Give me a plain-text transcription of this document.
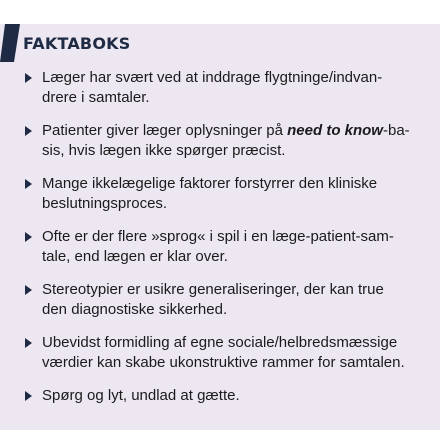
FAKTABOKS
Læger har svært ved at inddrage flygtninge/indvan-
drere i samtaler.
Patienter giver læger oplysninger på need to know-ba-
sis, hvis lægen ikke spørger præcist.
Mange ikkelægelige faktorer forstyrrer den kliniske
beslutningsproces.
Ofte er der flere »sprog« i spil i en læge-patient-sam-
tale, end lægen er klar over.
Stereotypier er usikre generaliseringer, der kan true
den diagnostiske sikkerhed.
Ubevidst formidling af egne sociale/helbredsmæssige
værdier kan skabe ukonstruktive rammer for samtalen.
Spørg og lyt, undlad at gætte.
